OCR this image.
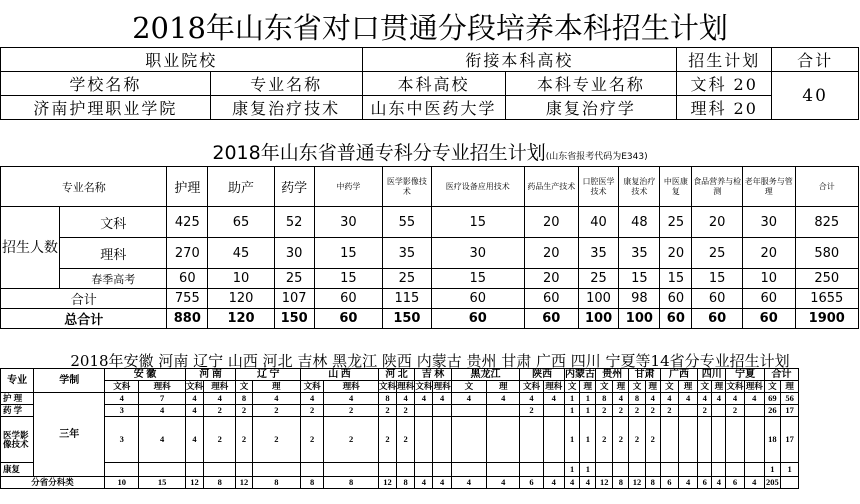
2018年山东省对口贯通分段培养本科招生计划
职业院校		衔接本科高校		招生计划	合计
学校名称	专业名称	本科高校	本科专业名称	文科 20	40
济南护理职业学院	康复治疗技术	山东中医药大学	康复治疗学	理科 20	
2018年山东省普通专科分专业招生计划(山东省报考代码为E343)
专业名称		护理	助产	药学	中药学	医学影像技术	医疗设备应用技术	药品生产技术	口腔医学技术	康复治疗技术	中医康复	食品营养与检测	老年服务与管理	合计
招生人数	文科	425	65	52	30	55	15	20	40	48	25	20	30	825
	理科	270	45	30	15	35	30	20	35	35	20	25	20	580
	春季高考	60	10	25	15	25	15	20	25	15	15	15	10	250
合计		755	120	107	60	115	60	60	100	98	60	60	60	1655
总合计		880	120	150	60	150	60	60	100	100	60	60	60	1900
2018年安徽 河南 辽宁 山西 河北 吉林 黑龙江 陕西 内蒙古 贵州 甘肃 广西 四川 宁夏等14省分专业招生计划
专业	学制	安 徽		河 南		辽 宁		山 西		河 北		吉 林		黑龙江		陕西		内蒙古		贵州		甘肃		广西		四川		宁夏		合计	
		文科	理科	文科	理科	文	理	文科	理科	文科	理科	文科	理科	文	理	文科	理科	文	理	文	理	文	理	文	理	文	理	文科	理科	文	理
护 理	三年	4	7	4	4	8	4	4	4	8	4	4	4	4	4	4	4	1	1	8	4	8	4	4	4	4	4	4	4	69	56
药 学		3	4	4	2	2	2	2	2	2	2					2		1	1	2	2	2	2	2		2		2		26	17
医学影像技术		3	4	4	2	2	2	2	2	2	2							1	1	2	2	2	2							18	17
康复																		1	1											1	1
分省分科类		10	15	12	8	12	8	8	8	12	8	4	4	4	4	6	4	4	4	12	8	12	8	6	4	6	4	6	4	205	
